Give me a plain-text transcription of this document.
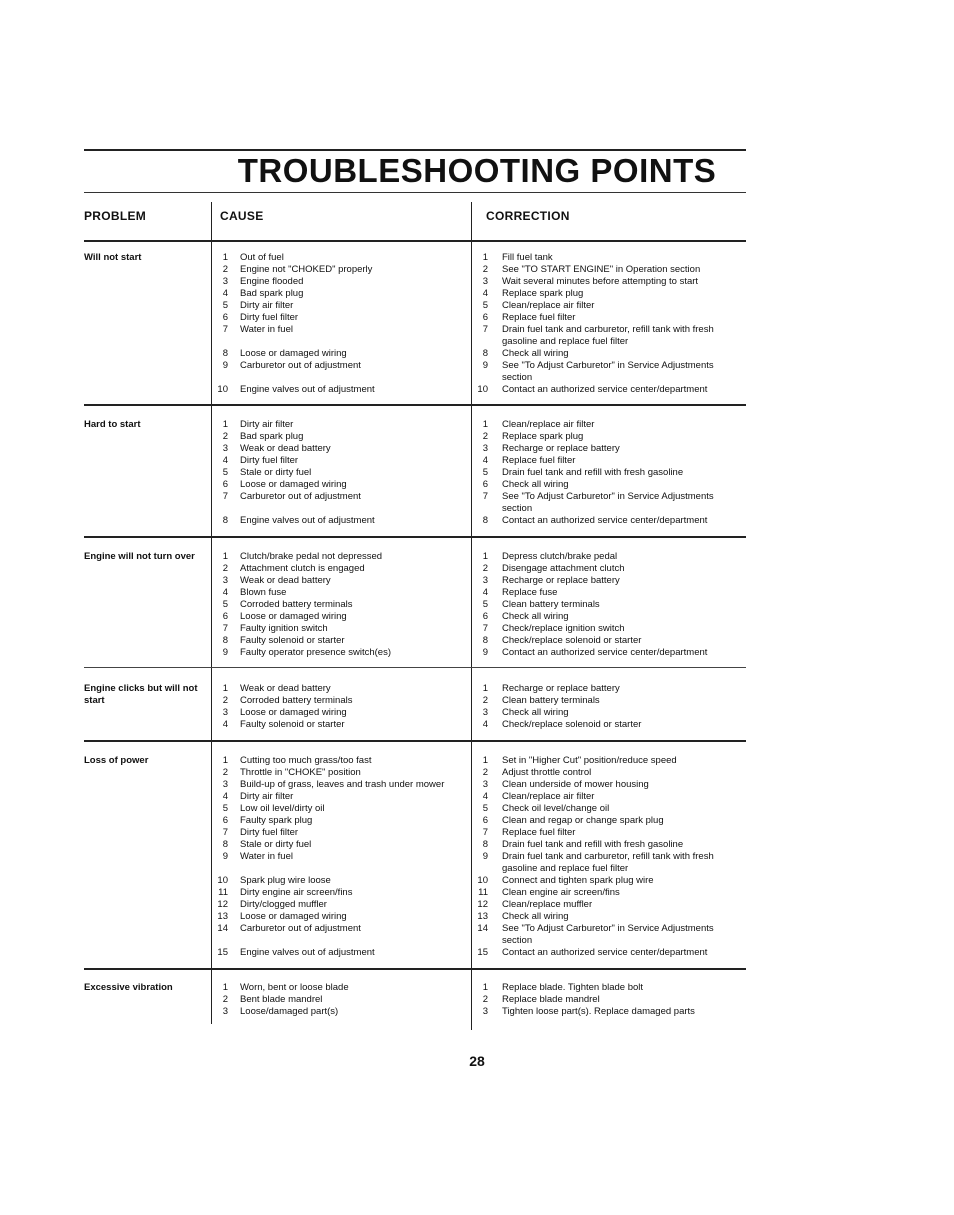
TROUBLESHOOTING POINTS
PROBLEM	CAUSE	CORRECTION
Will not start
Hard to start
Engine will not turn over
Engine clicks but will not start
Loss of power
Excessive vibration
1 Out of fuel
2 Engine not "CHOKED" properly
3 Engine flooded
4 Bad spark plug
5 Dirty air filter
6 Dirty fuel filter
7 Water in fuel
8 Loose or damaged wiring
9 Carburetor out of adjustment
10 Engine valves out of adjustment
1 Fill fuel tank
2 See "TO START ENGINE" in Operation section
3 Wait several minutes before attempting to start
4 Replace spark plug
5 Clean/replace air filter
6 Replace fuel filter
7 Drain fuel tank and carburetor, refill tank with fresh
gasoline and replace fuel filter
8 Check all wiring
9 See "To Adjust Carburetor" in Service Adjustments
section
10 Contact an authorized service center/department
1 Dirty air filter
2 Bad spark plug
3 Weak or dead battery
4 Dirty fuel filter
5 Stale or dirty fuel
6 Loose or damaged wiring
7 Carburetor out of adjustment
8 Engine valves out of adjustment
1 Clean/replace air filter
2 Replace spark plug
3 Recharge or replace battery
4 Replace fuel filter
5 Drain fuel tank and refill with fresh gasoline
6 Check all wiring
7 See "To Adjust Carburetor" in Service Adjustments
section
8 Contact an authorized service center/department
1 Clutch/brake pedal not depressed
2 Attachment clutch is engaged
3 Weak or dead battery
4 Blown fuse
5 Corroded battery terminals
6 Loose or damaged wiring
7 Faulty ignition switch
8 Faulty solenoid or starter
9 Faulty operator presence switch(es)
1 Depress clutch/brake pedal
2 Disengage attachment clutch
3 Recharge or replace battery
4 Replace fuse
5 Clean battery terminals
6 Check all wiring
7 Check/replace ignition switch
8 Check/replace solenoid or starter
9 Contact an authorized service center/department
1 Weak or dead battery
2 Corroded battery terminals
3 Loose or damaged wiring
4 Faulty solenoid or starter
1 Recharge or replace battery
2 Clean battery terminals
3 Check all wiring
4 Check/replace solenoid or starter
1 Cutting too much grass/too fast
2 Throttle in "CHOKE" position
3 Build-up of grass, leaves and trash under mower
4 Dirty air filter
5 Low oil level/dirty oil
6 Faulty spark plug
7 Dirty fuel filter
8 Stale or dirty fuel
9 Water in fuel
10 Spark plug wire loose
11 Dirty engine air screen/fins
12 Dirty/clogged muffler
13 Loose or damaged wiring
14 Carburetor out of adjustment
15 Engine valves out of adjustment
1 Set in "Higher Cut" position/reduce speed
2 Adjust throttle control
3 Clean underside of mower housing
4 Clean/replace air filter
5 Check oil level/change oil
6 Clean and regap or change spark plug
7 Replace fuel filter
8 Drain fuel tank and refill with fresh gasoline
9 Drain fuel tank and carburetor, refill tank with fresh
gasoline and replace fuel filter
10 Connect and tighten spark plug wire
11 Clean engine air screen/fins
12 Clean/replace muffler
13 Check all wiring
14 See "To Adjust Carburetor" in Service Adjustments
section
15 Contact an authorized service center/department
1 Worn, bent or loose blade
2 Bent blade mandrel
3 Loose/damaged part(s)
1 Replace blade. Tighten blade bolt
2 Replace blade mandrel
3 Tighten loose part(s). Replace damaged parts
28
